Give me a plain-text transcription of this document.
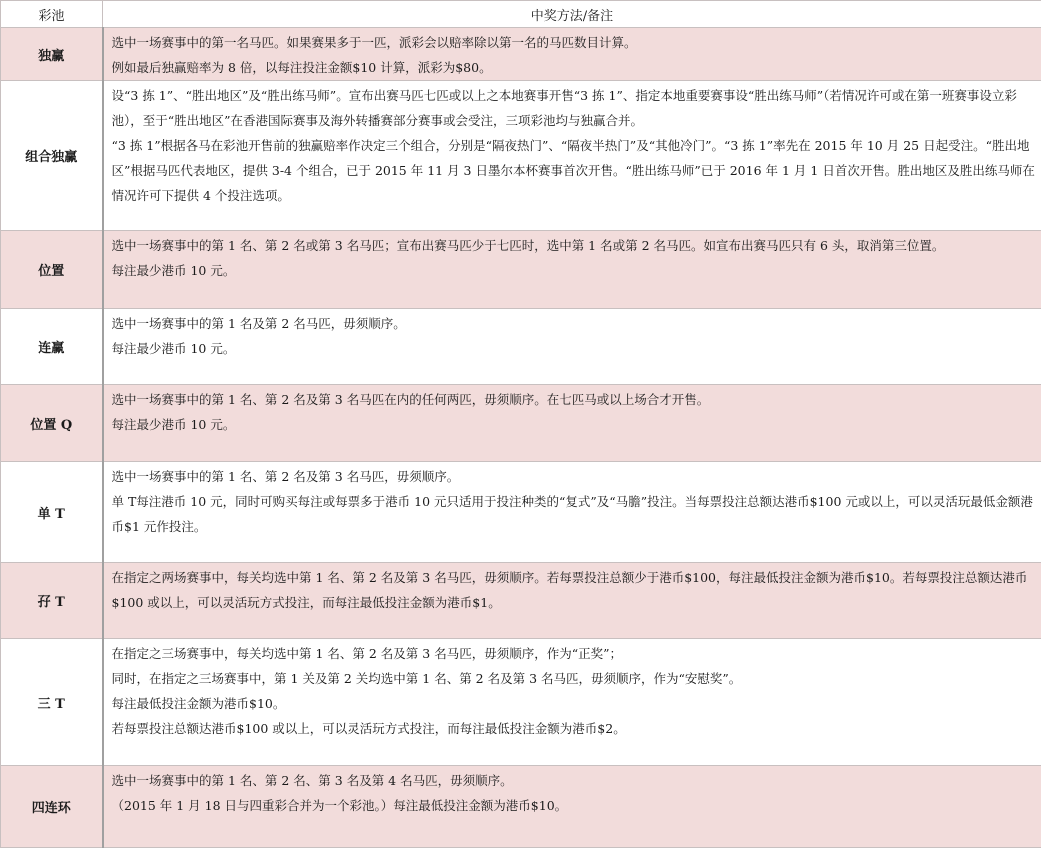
彩池	中奖方法/备注
独赢	选中一场赛事中的第一名马匹。如果赛果多于一匹，派彩会以赔率除以第一名的马匹数目计算。
例如最后独赢赔率为 8 倍，以每注投注金额$10 计算，派彩为$80。

组合独赢	设“3 拣 1”、“胜出地区”及“胜出练马师”。宣布出赛马匹七匹或以上之本地赛事开售“3 拣 1”、指定本地重要赛事设“胜出练马师”（若情况许可或在第一班赛事设立彩池），至于“胜出地区”在香港国际赛事及海外转播赛部分赛事或会受注，三项彩池均与独赢合并。
“3 拣 1”根据各马在彩池开售前的独赢赔率作决定三个组合，分别是“隔夜热门”、“隔夜半热门”及“其他冷门”。“3 拣 1”率先在 2015 年 10 月 25 日起受注。“胜出地区”根据马匹代表地区，提供 3-4 个组合，已于 2015 年 11 月 3 日墨尔本杯赛事首次开售。“胜出练马师”已于 2016 年 1 月 1 日首次开售。胜出地区及胜出练马师在情况许可下提供 4 个投注选项。

位置	选中一场赛事中的第 1 名、第 2 名或第 3 名马匹；宣布出赛马匹少于七匹时，选中第 1 名或第 2 名马匹。如宣布出赛马匹只有 6 头，取消第三位置。
每注最少港币 10 元。

连赢	选中一场赛事中的第 1 名及第 2 名马匹，毋须顺序。
每注最少港币 10 元。

位置 Q	选中一场赛事中的第 1 名、第 2 名及第 3 名马匹在内的任何两匹，毋须顺序。在七匹马或以上场合才开售。
每注最少港币 10 元。

单 T	选中一场赛事中的第 1 名、第 2 名及第 3 名马匹，毋须顺序。
单 T每注港币 10 元，同时可购买每注或每票多于港币 10 元只适用于投注种类的“复式”及“马膽”投注。当每票投注总额达港币$100 元或以上，可以灵活玩最低金额港币$1 元作投注。

孖 T	在指定之两场赛事中，每关均选中第 1 名、第 2 名及第 3 名马匹，毋须顺序。若每票投注总额少于港币$100，每注最低投注金额为港币$10。若每票投注总额达港币$100 或以上，可以灵活玩方式投注，而每注最低投注金额为港币$1。

三 T	在指定之三场赛事中，每关均选中第 1 名、第 2 名及第 3 名马匹，毋须顺序，作为“正奖”；
同时，在指定之三场赛事中，第 1 关及第 2 关均选中第 1 名、第 2 名及第 3 名马匹，毋须顺序，作为“安慰奖”。
每注最低投注金额为港币$10。
若每票投注总额达港币$100 或以上，可以灵活玩方式投注，而每注最低投注金额为港币$2。

四连环	选中一场赛事中的第 1 名、第 2 名、第 3 名及第 4 名马匹，毋须顺序。
（2015 年 1 月 18 日与四重彩合并为一个彩池。）每注最低投注金额为港币$10。
